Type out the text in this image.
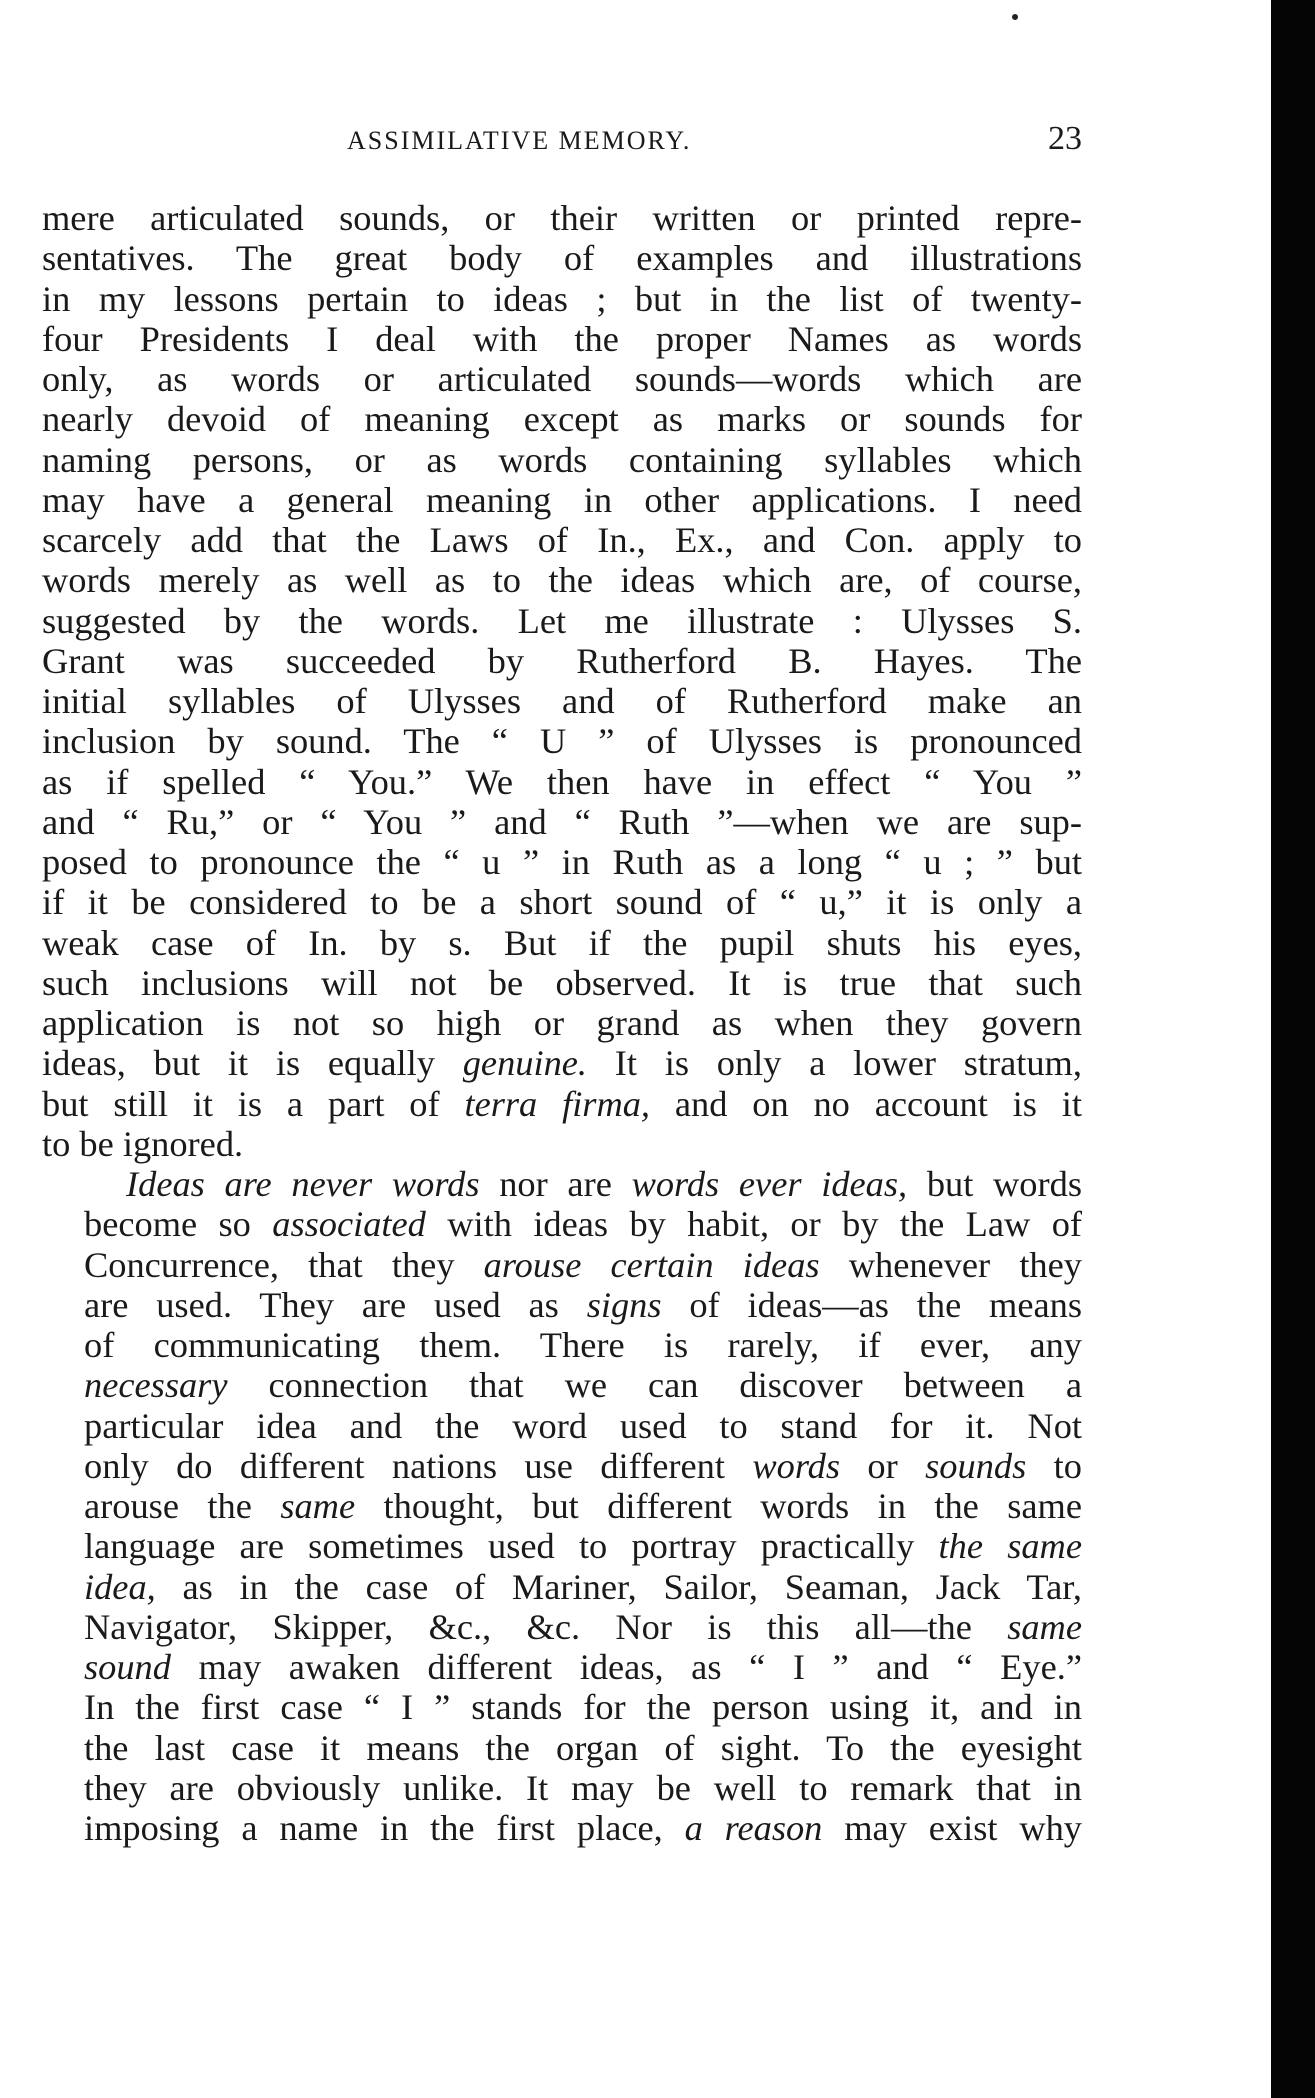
ASSIMILATIVE MEMORY.	23

mere articulated sounds, or their written or printed repre-
sentatives. The great body of examples and illustrations
in my lessons pertain to ideas ; but in the list of twenty-
four Presidents I deal with the proper Names as words
only, as words or articulated sounds—words which are
nearly devoid of meaning except as marks or sounds for
naming persons, or as words containing syllables which
may have a general meaning in other applications. I need
scarcely add that the Laws of In., Ex., and Con. apply to
words merely as well as to the ideas which are, of course,
suggested by the words. Let me illustrate : Ulysses S.
Grant was succeeded by Rutherford B. Hayes. The
initial syllables of Ulysses and of Rutherford make an
inclusion by sound. The “ U ” of Ulysses is pronounced
as if spelled “ You.” We then have in effect “ You ”
and “ Ru,” or “ You ” and “ Ruth ”—when we are sup-
posed to pronounce the “ u ” in Ruth as a long “ u ; ” but
if it be considered to be a short sound of “ u,” it is only a
weak case of In. by s. But if the pupil shuts his eyes,
such inclusions will not be observed. It is true that such
application is not so high or grand as when they govern
ideas, but it is equally genuine. It is only a lower stratum,
but still it is a part of terra firma, and on no account is it
to be ignored.

Ideas are never words nor are words ever ideas, but words
become so associated with ideas by habit, or by the Law of
Concurrence, that they arouse certain ideas whenever they
are used. They are used as signs of ideas—as the means
of communicating them. There is rarely, if ever, any
necessary connection that we can discover between a
particular idea and the word used to stand for it. Not
only do different nations use different words or sounds to
arouse the same thought, but different words in the same
language are sometimes used to portray practically the same
idea, as in the case of Mariner, Sailor, Seaman, Jack Tar,
Navigator, Skipper, &c., &c. Nor is this all—the same
sound may awaken different ideas, as “ I ” and “ Eye.”
In the first case “ I ” stands for the person using it, and in
the last case it means the organ of sight. To the eyesight
they are obviously unlike. It may be well to remark that in
imposing a name in the first place, a reason may exist why
